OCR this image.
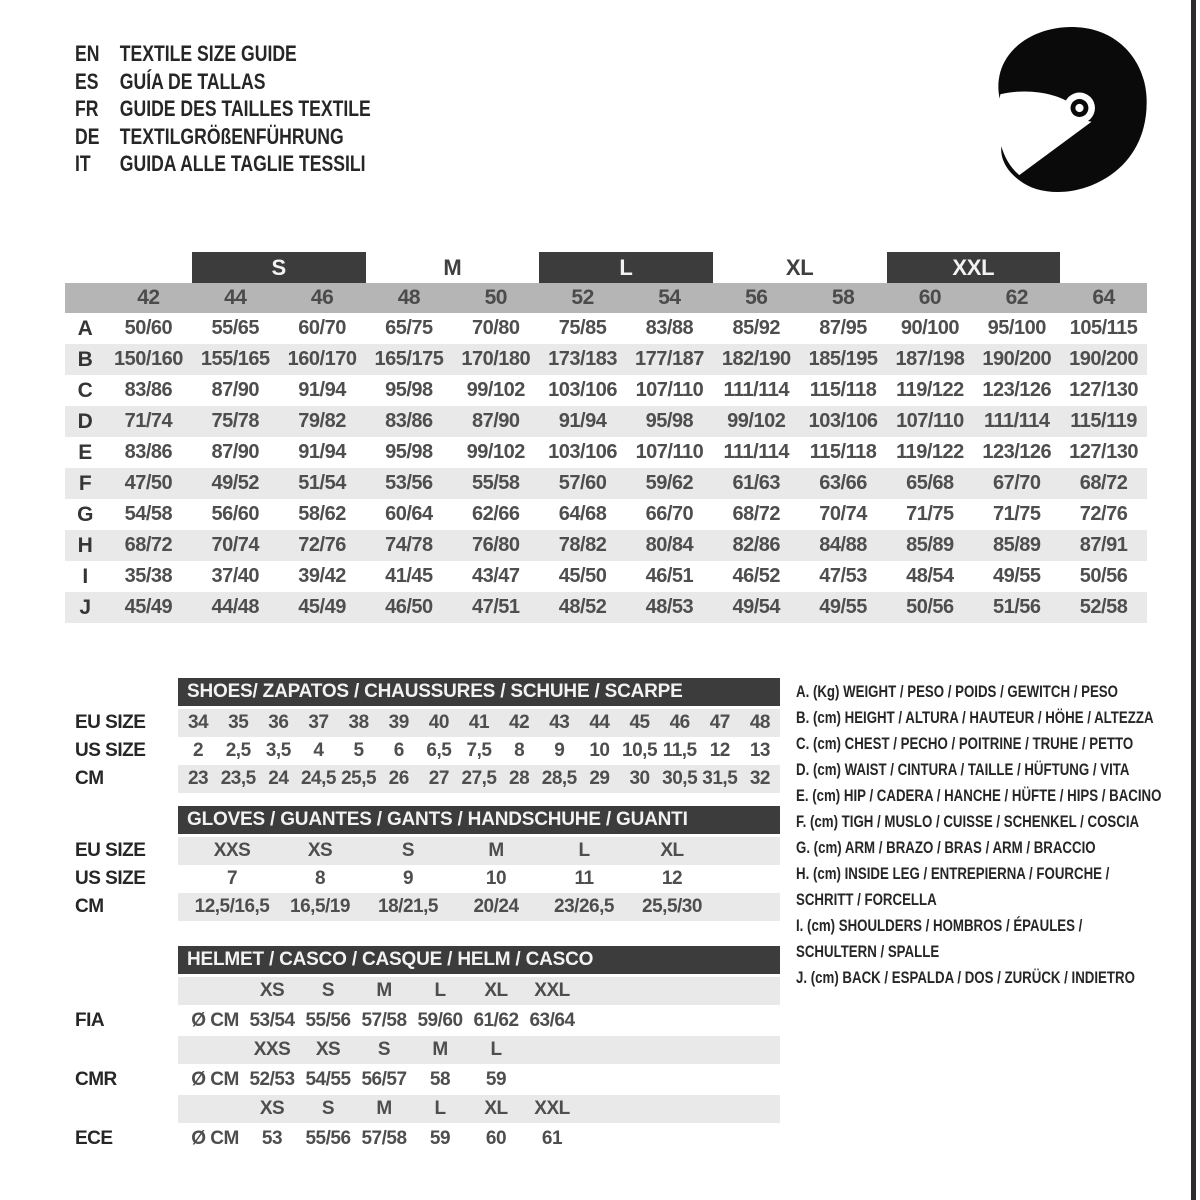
EN TEXTILE SIZE GUIDE
ES GUÍA DE TALLAS
FR GUIDE DES TAILLES TEXTILE
DE TEXTILGRÖßENFÜHRUNG
IT GUIDA ALLE TAGLIE TESSILI
S	M	L	XL	XXL
42	44	46	48	50	52	54	56	58	60	62	64
A	50/60	55/65	60/70	65/75	70/80	75/85	83/88	85/92	87/95	90/100	95/100	105/115
B	150/160 155/165 160/170 165/175 170/180 173/183 177/187 182/190 185/195 187/198 190/200 190/200
C	83/86	87/90	91/94	95/98	99/102	103/106 107/110	111/114	115/118 119/122 123/126 127/130
D	71/74	75/78	79/82	83/86	87/90	91/94	95/98	99/102	103/106 107/110	111/114	115/119
E	83/86	87/90	91/94	95/98	99/102	103/106 107/110	111/114	115/118 119/122 123/126 127/130
F	47/50	49/52	51/54	53/56	55/58	57/60	59/62	61/63	63/66	65/68	67/70	68/72
G	54/58	56/60	58/62	60/64	62/66	64/68	66/70	68/72	70/74	71/75	71/75	72/76
H	68/72	70/74	72/76	74/78	76/80	78/82	80/84	82/86	84/88	85/89	85/89	87/91
I	35/38	37/40	39/42	41/45	43/47	45/50	46/51	46/52	47/53	48/54	49/55	50/56
J	45/49	44/48	45/49	46/50	47/51	48/52	48/53	49/54	49/55	50/56	51/56	52/58
SHOES/ ZAPATOS / CHAUSSURES / SCHUHE / SCARPE
EU SIZE	34	35	36	37	38	39	40	41	42	43	44	45	46	47	48
US SIZE	2	2,5 3,5	4	5	6	6,5 7,5	8	9	10 10,5 11,5 12	13
CM	23 23,5 24 24,5 25,5 26	27 27,5 28 28,5 29	30 30,5 31,5 32
GLOVES / GUANTES / GANTS / HANDSCHUHE / GUANTI
EU SIZE	XXS	XS	S	M	L	XL
US SIZE	7	8	9	10	11	12
CM	12,5/16,5	16,5/19	18/21,5	20/24	23/26,5	25,5/30
HELMET / CASCO / CASQUE / HELM / CASCO
XS	S	M	L	XL	XXL
FIA	Ø CM 53/54 55/56 57/58 59/60 61/62 63/64
XXS	XS	S	M	L
CMR	Ø CM 52/53 54/55 56/57	58	59
XS	S	M	L	XL	XXL
ECE	Ø CM	53	55/56 57/58	59	60	61
A. (Kg) WEIGHT / PESO / POIDS / GEWITCH / PESO
B. (cm) HEIGHT / ALTURA / HAUTEUR / HÖHE / ALTEZZA
C. (cm) CHEST / PECHO / POITRINE / TRUHE / PETTO
D. (cm) WAIST / CINTURA / TAILLE / HÜFTUNG / VITA
E. (cm) HIP / CADERA / HANCHE / HÜFTE / HIPS / BACINO
F. (cm) TIGH / MUSLO / CUISSE / SCHENKEL / COSCIA
G. (cm) ARM / BRAZO / BRAS / ARM / BRACCIO
H. (cm) INSIDE LEG / ENTREPIERNA / FOURCHE /
SCHRITT / FORCELLA
I. (cm) SHOULDERS / HOMBROS / ÉPAULES /
SCHULTERN / SPALLE
J. (cm) BACK / ESPALDA / DOS / ZURÜCK / INDIETRO
